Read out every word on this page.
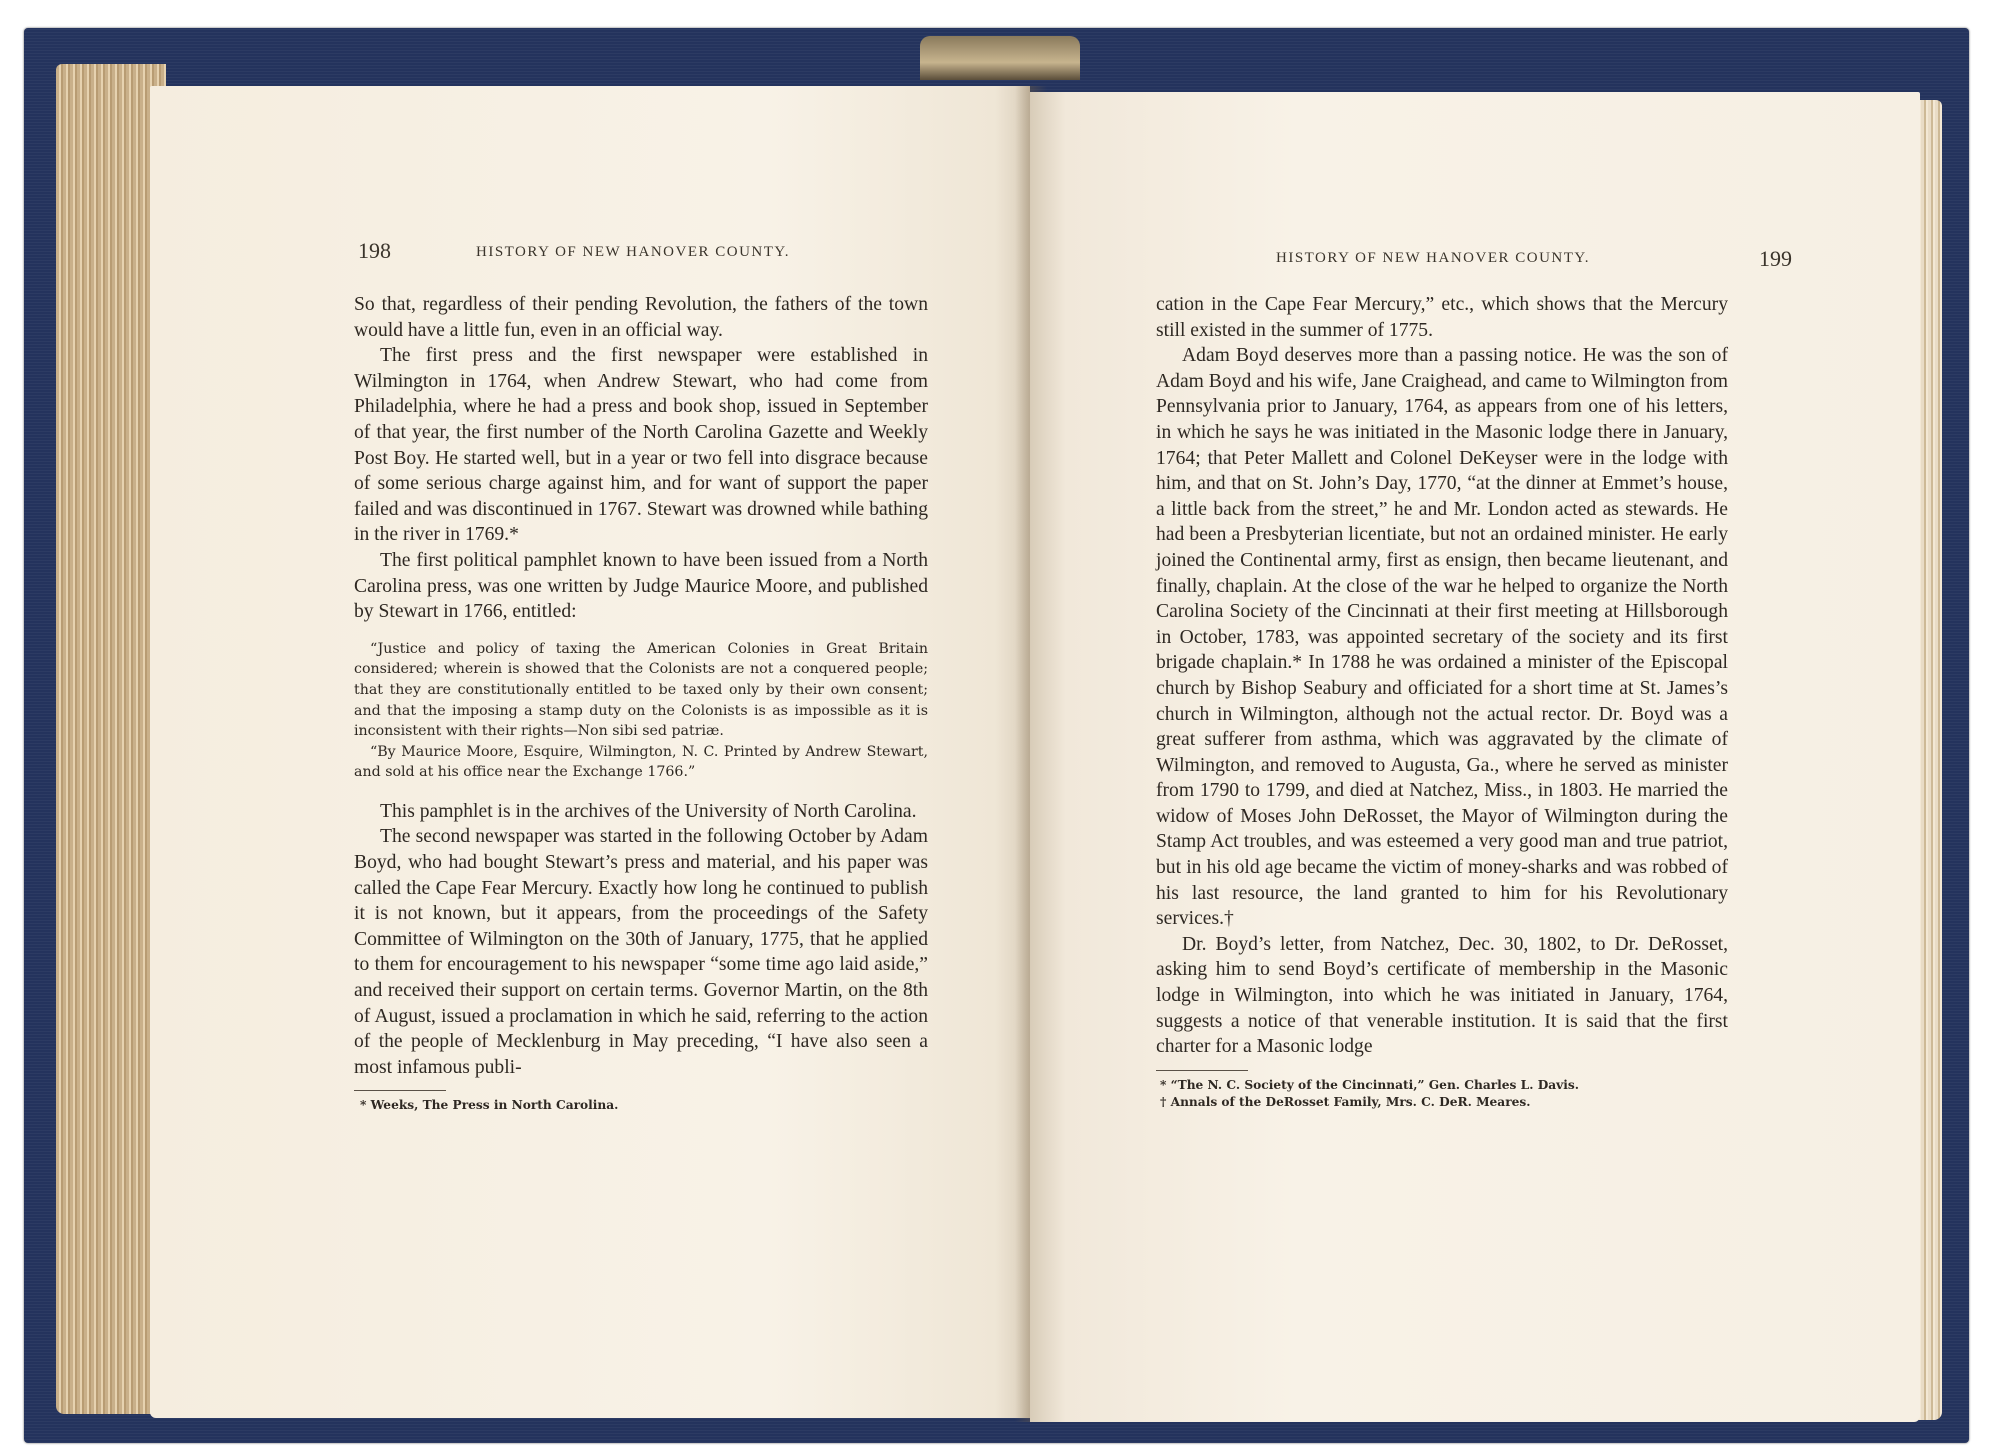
198	HISTORY OF NEW HANOVER COUNTY.

So that, regardless of their pending Revolution, the fathers of the town would have a little fun, even in an official way.

The first press and the first newspaper were established in Wilmington in 1764, when Andrew Stewart, who had come from Philadelphia, where he had a press and book shop, issued in September of that year, the first number of the North Carolina Gazette and Weekly Post Boy. He started well, but in a year or two fell into disgrace because of some serious charge against him, and for want of support the paper failed and was discontinued in 1767. Stewart was drowned while bathing in the river in 1769.*

The first political pamphlet known to have been issued from a North Carolina press, was one written by Judge Maurice Moore, and published by Stewart in 1766, entitled:

“Justice and policy of taxing the American Colonies in Great Britain considered; wherein is showed that the Colonists are not a conquered people; that they are constitutionally entitled to be taxed only by their own consent; and that the imposing a stamp duty on the Colonists is as impossible as it is inconsistent with their rights—Non sibi sed patriæ.

“By Maurice Moore, Esquire, Wilmington, N. C. Printed by Andrew Stewart, and sold at his office near the Exchange 1766.”

This pamphlet is in the archives of the University of North Carolina.

The second newspaper was started in the following October by Adam Boyd, who had bought Stewart’s press and material, and his paper was called the Cape Fear Mercury. Exactly how long he continued to publish it is not known, but it appears, from the proceedings of the Safety Committee of Wilmington on the 30th of January, 1775, that he applied to them for encouragement to his newspaper “some time ago laid aside,” and received their support on certain terms. Governor Martin, on the 8th of August, issued a proclamation in which he said, referring to the action of the people of Mecklenburg in May preceding, “I have also seen a most infamous publi-

* Weeks, The Press in North Carolina.
HISTORY OF NEW HANOVER COUNTY.	199

cation in the Cape Fear Mercury,” etc., which shows that the Mercury still existed in the summer of 1775.

Adam Boyd deserves more than a passing notice. He was the son of Adam Boyd and his wife, Jane Craighead, and came to Wilmington from Pennsylvania prior to January, 1764, as appears from one of his letters, in which he says he was initiated in the Masonic lodge there in January, 1764; that Peter Mallett and Colonel DeKeyser were in the lodge with him, and that on St. John’s Day, 1770, “at the dinner at Emmet’s house, a little back from the street,” he and Mr. London acted as stewards. He had been a Presbyterian licentiate, but not an ordained minister. He early joined the Continental army, first as ensign, then became lieutenant, and finally, chaplain. At the close of the war he helped to organize the North Carolina Society of the Cincinnati at their first meeting at Hillsborough in October, 1783, was appointed secretary of the society and its first brigade chaplain.* In 1788 he was ordained a minister of the Episcopal church by Bishop Seabury and officiated for a short time at St. James’s church in Wilmington, although not the actual rector. Dr. Boyd was a great sufferer from asthma, which was aggravated by the climate of Wilmington, and removed to Augusta, Ga., where he served as minister from 1790 to 1799, and died at Natchez, Miss., in 1803. He married the widow of Moses John DeRosset, the Mayor of Wilmington during the Stamp Act troubles, and was esteemed a very good man and true patriot, but in his old age became the victim of money-sharks and was robbed of his last resource, the land granted to him for his Revolutionary services.†

Dr. Boyd’s letter, from Natchez, Dec. 30, 1802, to Dr. DeRosset, asking him to send Boyd’s certificate of membership in the Masonic lodge in Wilmington, into which he was initiated in January, 1764, suggests a notice of that venerable institution. It is said that the first charter for a Masonic lodge

* “The N. C. Society of the Cincinnati,” Gen. Charles L. Davis.
† Annals of the DeRosset Family, Mrs. C. DeR. Meares.
